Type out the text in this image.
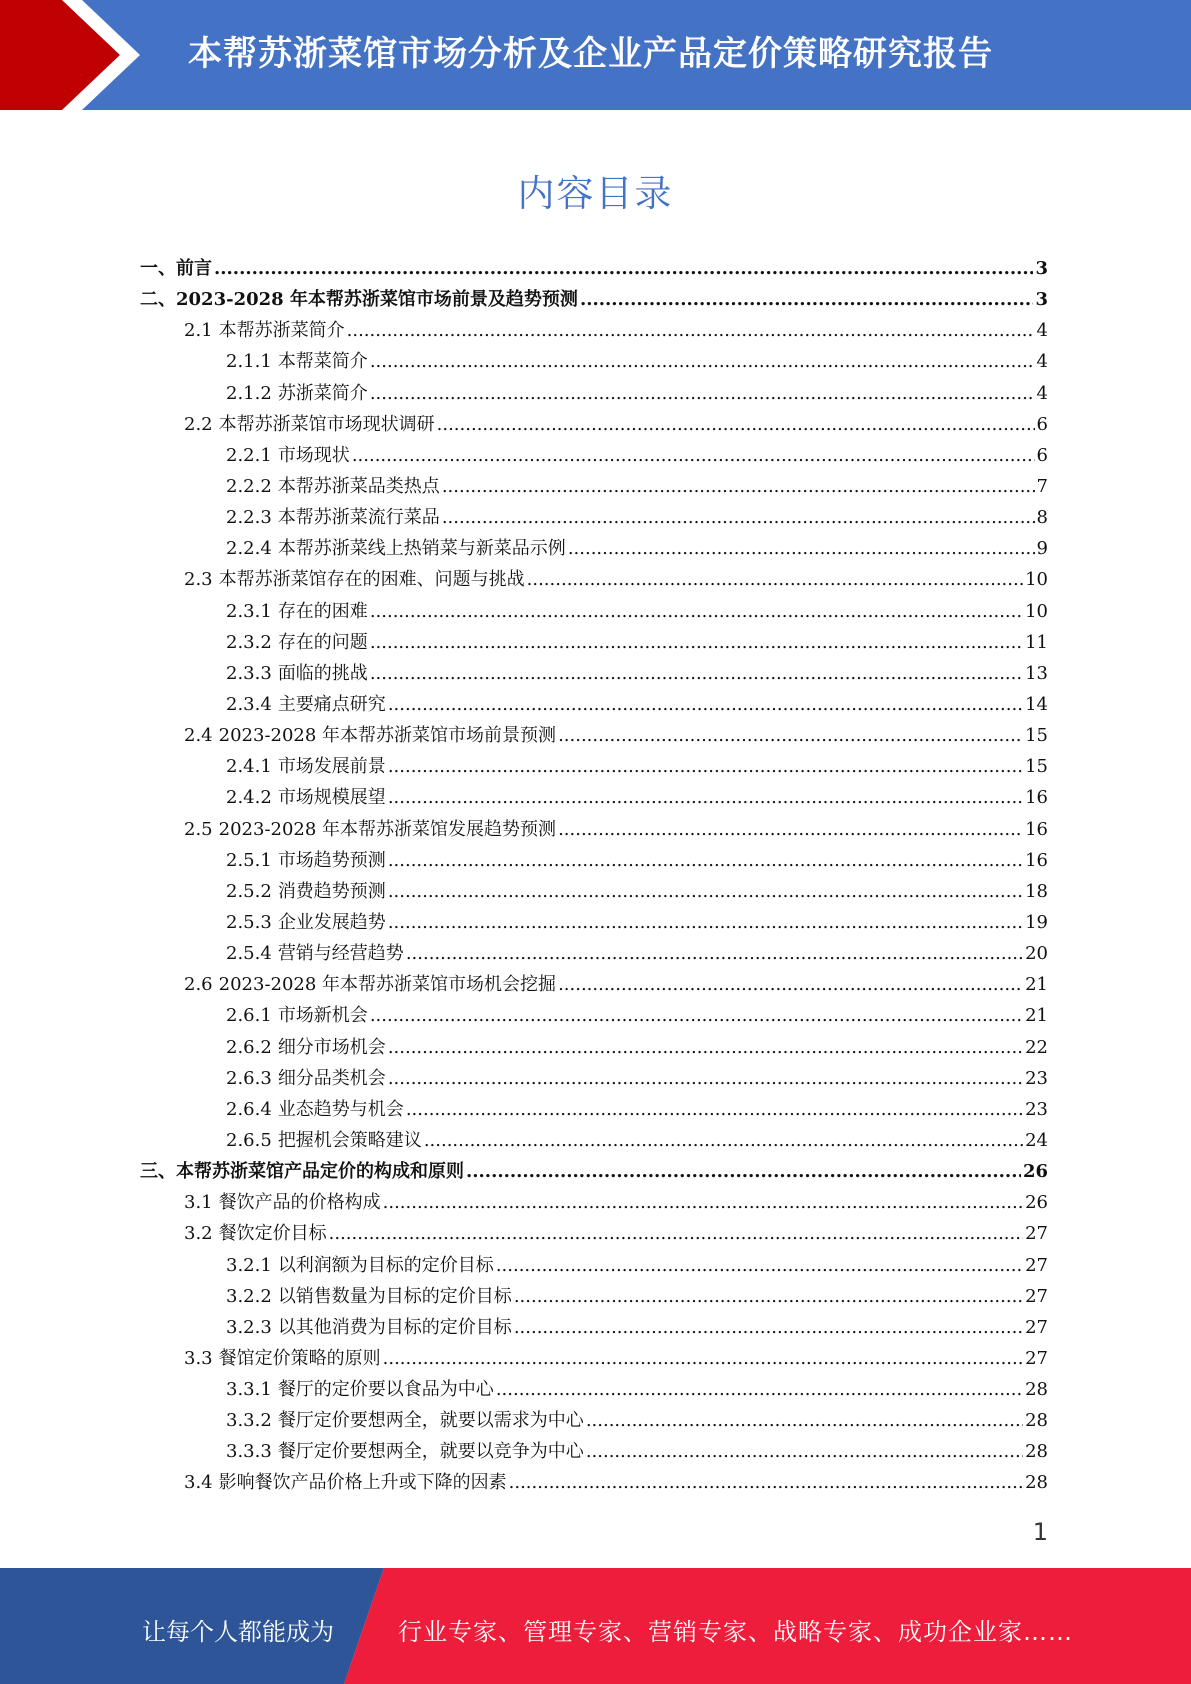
本帮苏浙菜馆市场分析及企业产品定价策略研究报告
内容目录
一、 前言 .....	3
二、 2023-2028 年本帮苏浙菜馆市场前景及趋势预测 .....	3
2.1 本帮苏浙菜简介 .....	4
2.1.1 本帮菜简介 .....	4
2.1.2 苏浙菜简介 .....	4
2.2 本帮苏浙菜馆市场现状调研 .....	6
2.2.1 市场现状 .....	6
2.2.2 本帮苏浙菜品类热点 .....	7
2.2.3 本帮苏浙菜流行菜品 .....	8
2.2.4 本帮苏浙菜线上热销菜与新菜品示例 .....	9
2.3 本帮苏浙菜馆存在的困难、问题与挑战 .....	10
2.3.1 存在的困难 .....	10
2.3.2 存在的问题 .....	11
2.3.3 面临的挑战 .....	13
2.3.4 主要痛点研究 .....	14
2.4 2023-2028 年本帮苏浙菜馆市场前景预测 .....	15
2.4.1 市场发展前景 .....	15
2.4.2 市场规模展望 .....	16
2.5 2023-2028 年本帮苏浙菜馆发展趋势预测 .....	16
2.5.1 市场趋势预测 .....	16
2.5.2 消费趋势预测 .....	18
2.5.3 企业发展趋势 .....	19
2.5.4 营销与经营趋势 .....	20
2.6 2023-2028 年本帮苏浙菜馆市场机会挖掘 .....	21
2.6.1 市场新机会 .....	21
2.6.2 细分市场机会 .....	22
2.6.3 细分品类机会 .....	23
2.6.4 业态趋势与机会 .....	23
2.6.5 把握机会策略建议 .....	24
三、 本帮苏浙菜馆产品定价的构成和原则 .....	26
3.1 餐饮产品的价格构成 .....	26
3.2 餐饮定价目标 .....	27
3.2.1 以利润额为目标的定价目标 .....	27
3.2.2 以销售数量为目标的定价目标 .....	27
3.2.3 以其他消费为目标的定价目标 .....	27
3.3 餐馆定价策略的原则 .....	27
3.3.1 餐厅的定价要以食品为中心 .....	28
3.3.2 餐厅定价要想两全，就要以需求为中心 .....	28
3.3.3 餐厅定价要想两全，就要以竞争为中心 .....	28
3.4 影响餐饮产品价格上升或下降的因素 .....	28
1
让每个人都能成为	行业专家、管理专家、营销专家、战略专家、成功企业家……
